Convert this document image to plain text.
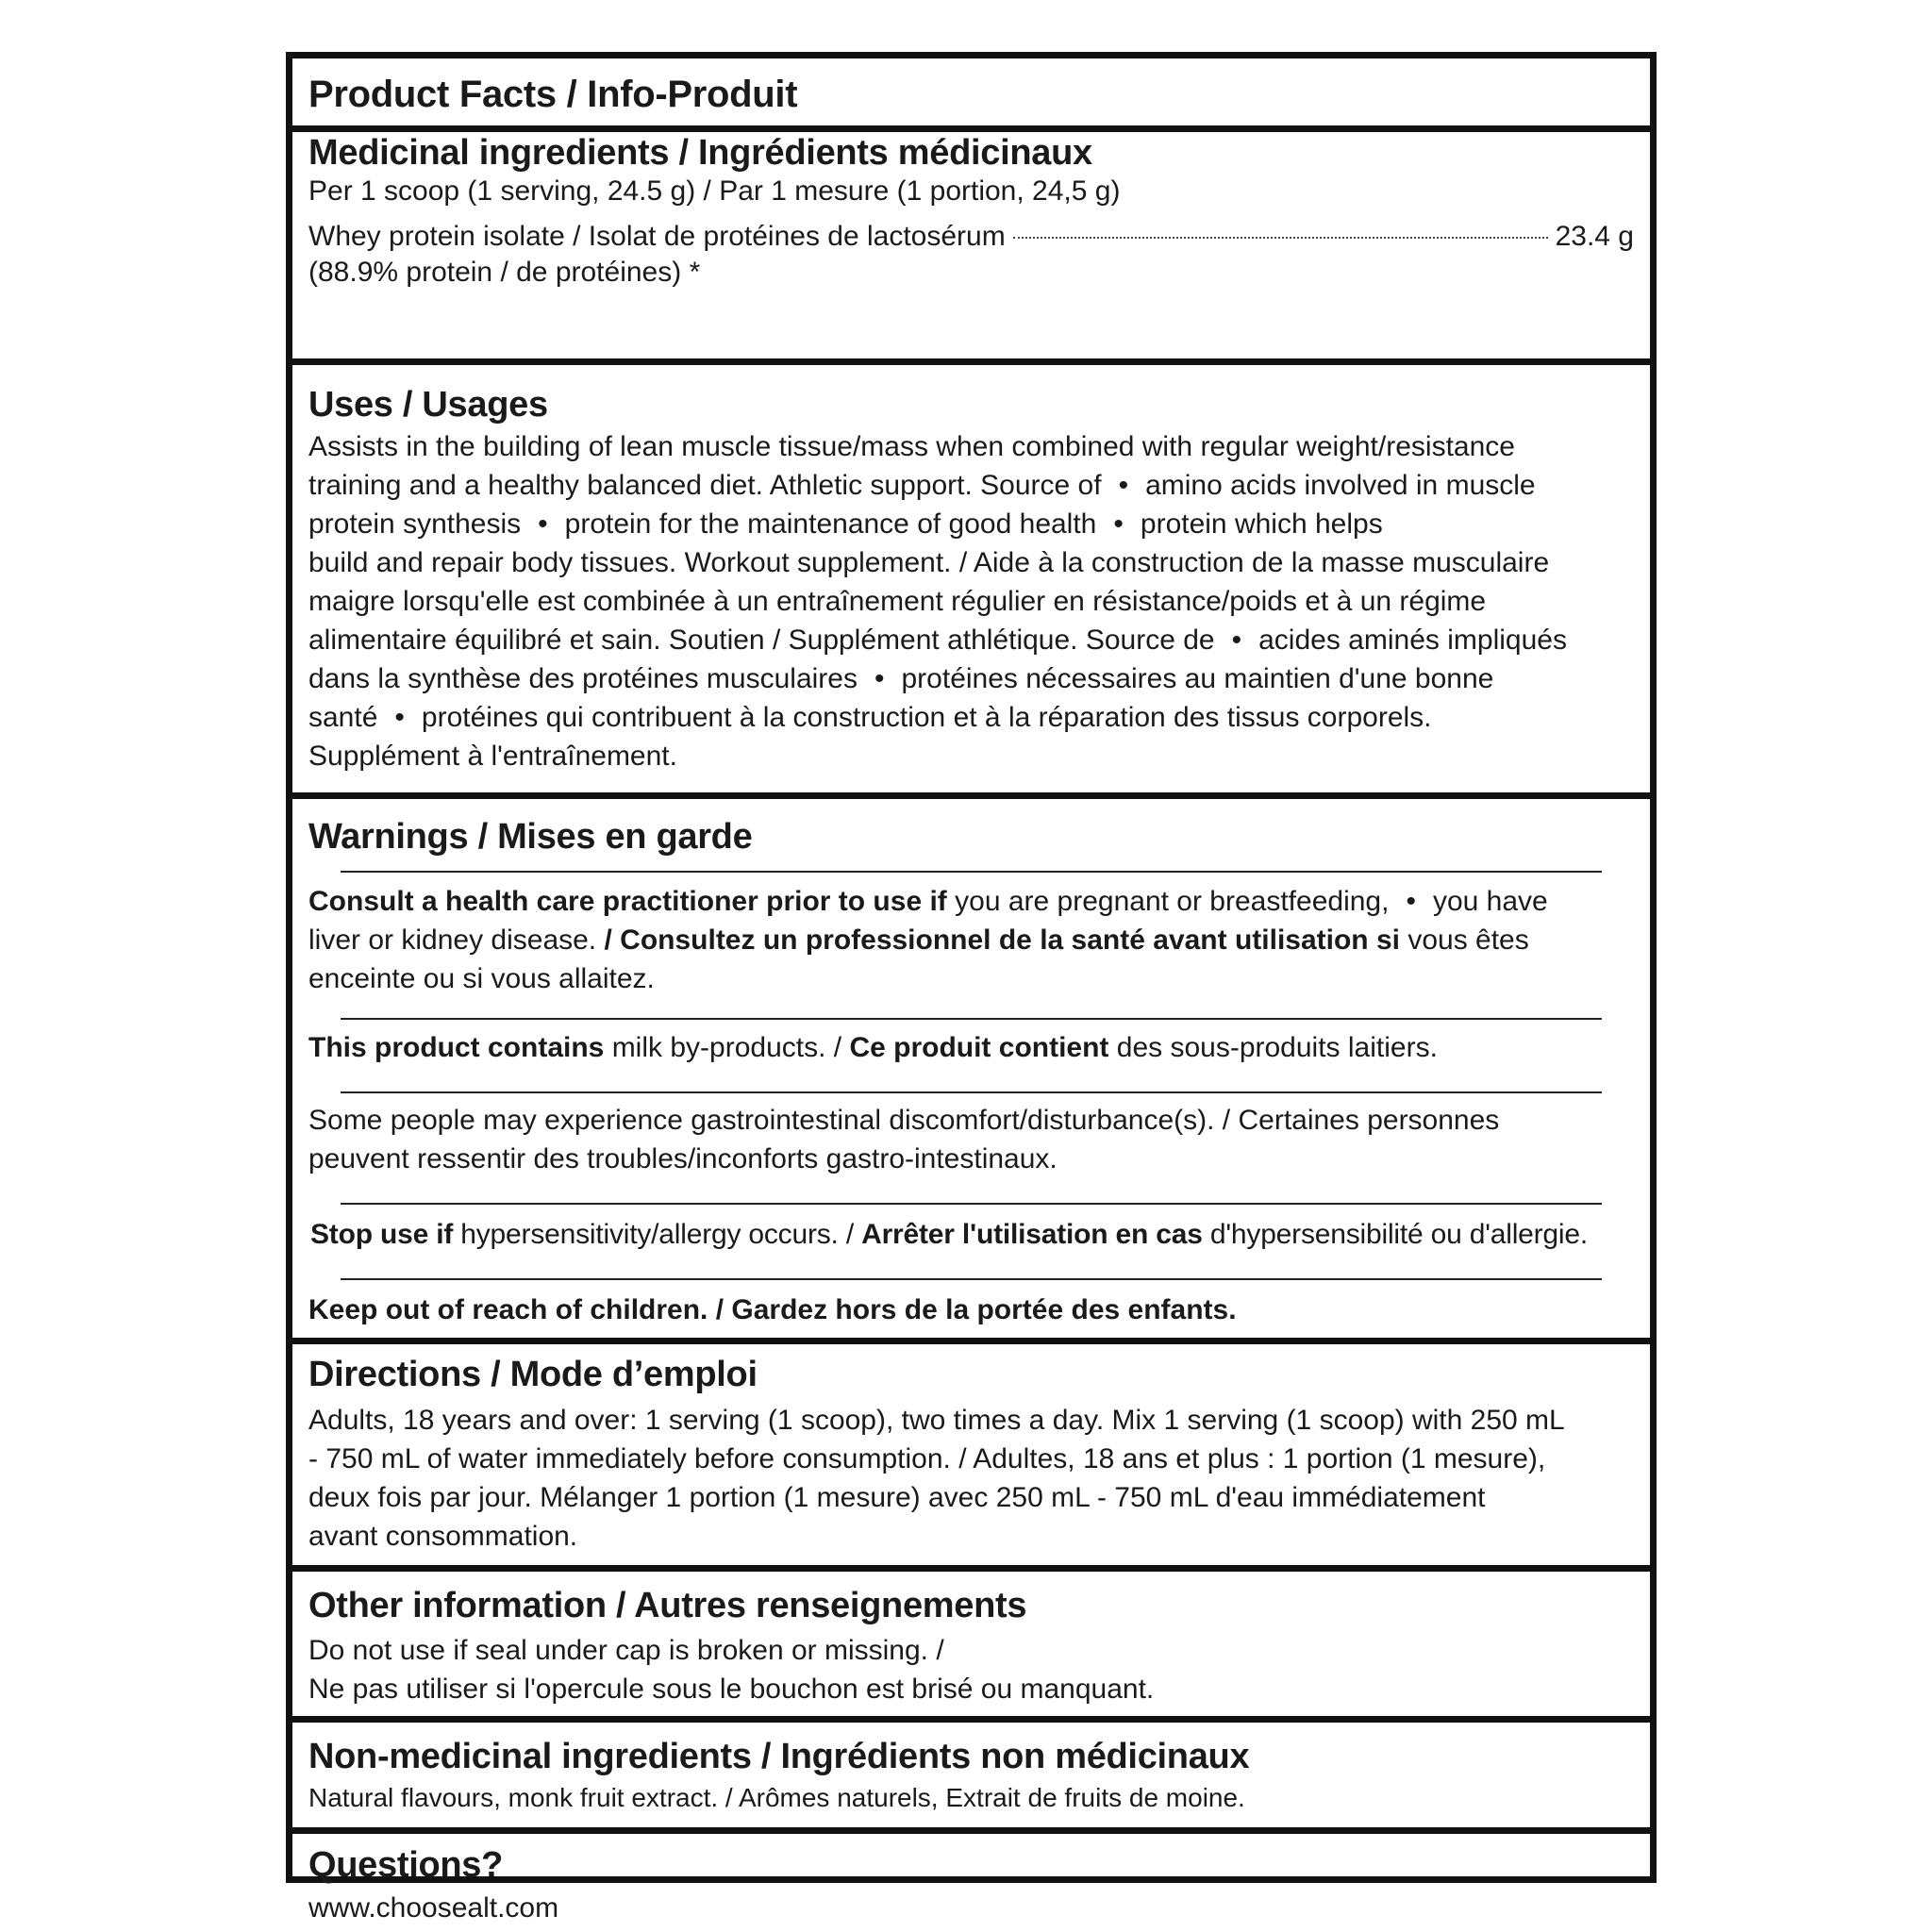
Product Facts / Info-Produit
Medicinal ingredients / Ingrédients médicinaux
Per 1 scoop (1 serving, 24.5 g) / Par 1 mesure (1 portion, 24,5 g)
Whey protein isolate / Isolat de protéines de lactosérum	23.4 g
(88.9% protein / de protéines) *
Uses / Usages
Assists in the building of lean muscle tissue/mass when combined with regular weight/resistance
training and a healthy balanced diet. Athletic support. Source of • amino acids involved in muscle
protein synthesis • protein for the maintenance of good health • protein which helps
build and repair body tissues. Workout supplement. / Aide à la construction de la masse musculaire
maigre lorsqu'elle est combinée à un entraînement régulier en résistance/poids et à un régime
alimentaire équilibré et sain. Soutien / Supplément athlétique. Source de • acides aminés impliqués
dans la synthèse des protéines musculaires • protéines nécessaires au maintien d'une bonne
santé • protéines qui contribuent à la construction et à la réparation des tissus corporels.
Supplément à l'entraînement.
Warnings / Mises en garde
Consult a health care practitioner prior to use if you are pregnant or breastfeeding, • you have
liver or kidney disease. / Consultez un professionnel de la santé avant utilisation si vous êtes
enceinte ou si vous allaitez.
This product contains milk by-products. / Ce produit contient des sous-produits laitiers.
Some people may experience gastrointestinal discomfort/disturbance(s). / Certaines personnes
peuvent ressentir des troubles/inconforts gastro-intestinaux.
Stop use if hypersensitivity/allergy occurs. / Arrêter l'utilisation en cas d'hypersensibilité ou d'allergie.
Keep out of reach of children. / Gardez hors de la portée des enfants.
Directions / Mode d’emploi
Adults, 18 years and over: 1 serving (1 scoop), two times a day. Mix 1 serving (1 scoop) with 250 mL
- 750 mL of water immediately before consumption. / Adultes, 18 ans et plus : 1 portion (1 mesure),
deux fois par jour. Mélanger 1 portion (1 mesure) avec 250 mL - 750 mL d'eau immédiatement
avant consommation.
Other information / Autres renseignements
Do not use if seal under cap is broken or missing. /
Ne pas utiliser si l'opercule sous le bouchon est brisé ou manquant.
Non-medicinal ingredients / Ingrédients non médicinaux
Natural flavours, monk fruit extract. / Arômes naturels, Extrait de fruits de moine.
Questions?
www.choosealt.com
